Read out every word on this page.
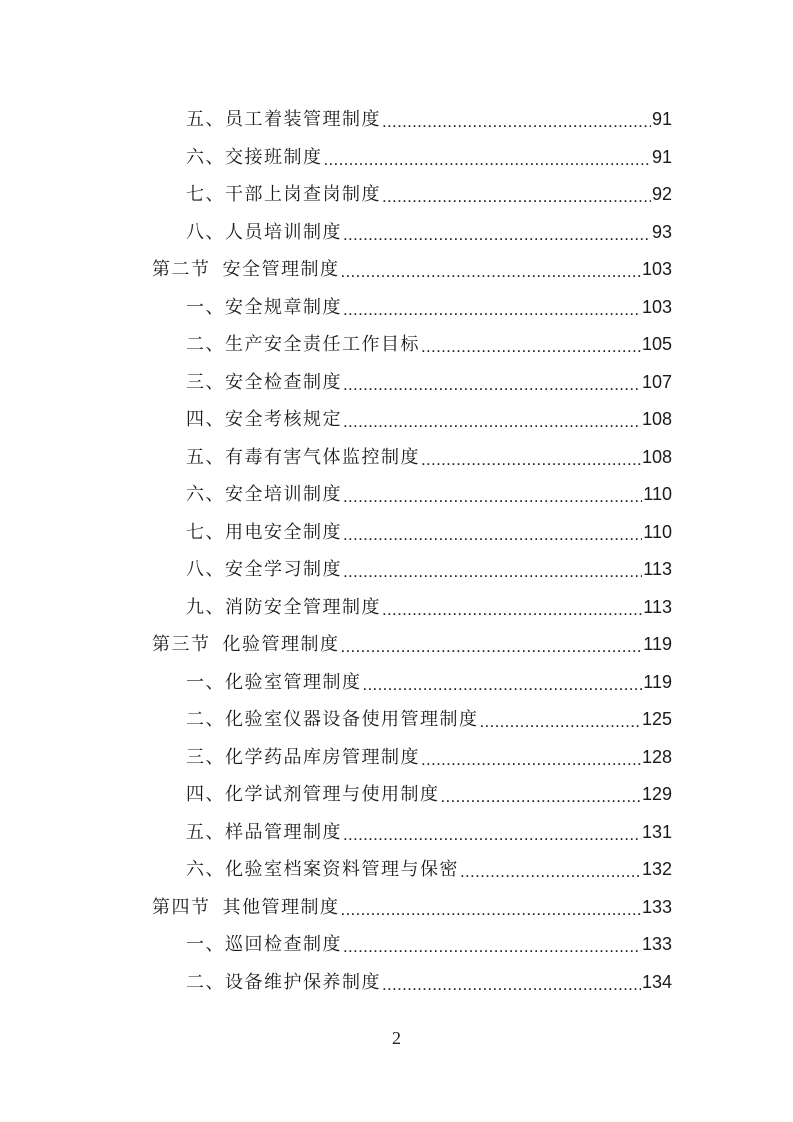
五、员工着装管理制度 .....	91
六、交接班制度 .....	91
七、干部上岗查岗制度 .....	92
八、人员培训制度 .....	93
第二节 安全管理制度 .....	103
一、安全规章制度 .....	103
二、生产安全责任工作目标 .....	105
三、安全检查制度 .....	107
四、安全考核规定 .....	108
五、有毒有害气体监控制度 .....	108
六、安全培训制度 .....	110
七、用电安全制度 .....	110
八、安全学习制度 .....	113
九、消防安全管理制度 .....	113
第三节 化验管理制度 .....	119
一、化验室管理制度 .....	119
二、化验室仪器设备使用管理制度 .....	125
三、化学药品库房管理制度 .....	128
四、化学试剂管理与使用制度 .....	129
五、样品管理制度 .....	131
六、化验室档案资料管理与保密 .....	132
第四节 其他管理制度 .....	133
一、巡回检查制度 .....	133
二、设备维护保养制度 .....	134
2
